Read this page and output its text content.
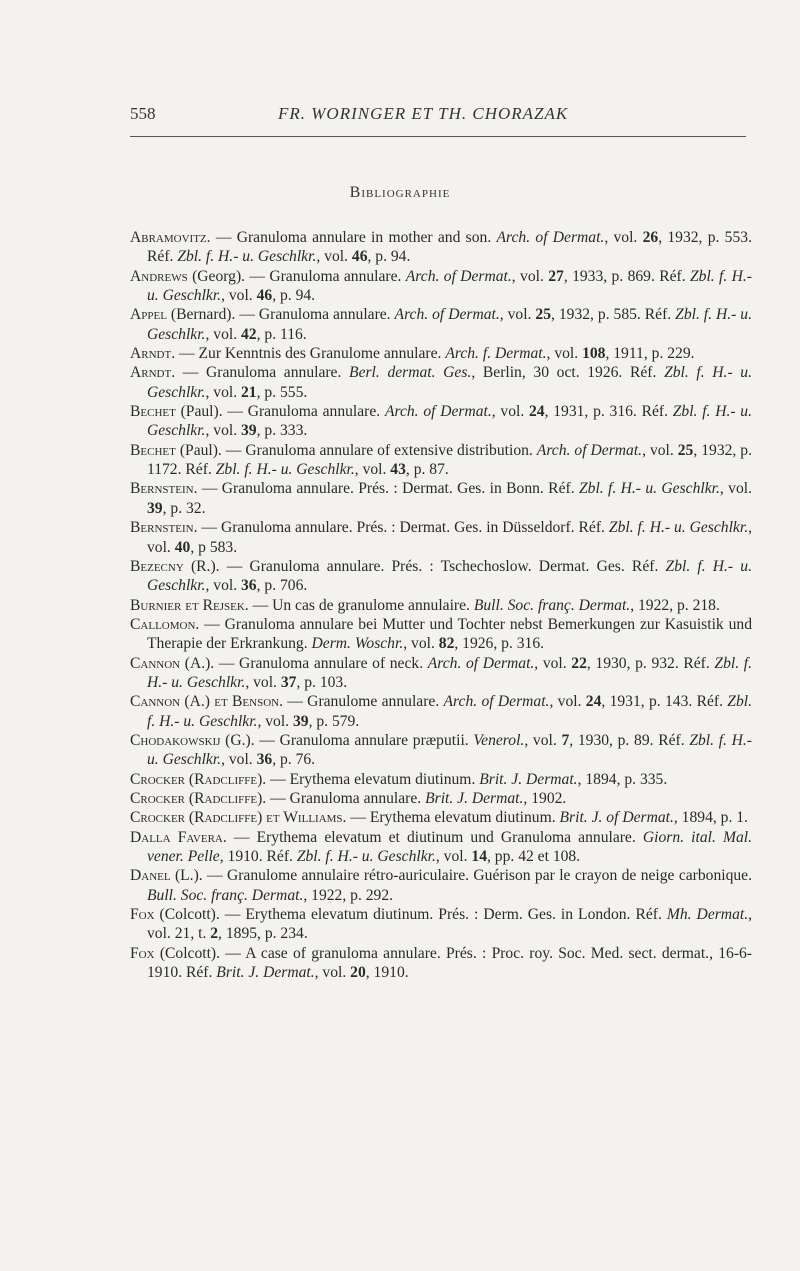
558	FR. WORINGER ET TH. CHORAZAK
Bibliographie

Abramovitz. — Granuloma annulare in mother and son. Arch. of Dermat., vol. 26, 1932, p. 553. Réf. Zbl. f. H.- u. Geschlkr., vol. 46, p. 94.

Andrews (Georg). — Granuloma annulare. Arch. of Dermat., vol. 27, 1933, p. 869. Réf. Zbl. f. H.- u. Geschlkr., vol. 46, p. 94.

Appel (Bernard). — Granuloma annulare. Arch. of Dermat., vol. 25, 1932, p. 585. Réf. Zbl. f. H.- u. Geschlkr., vol. 42, p. 116.

Arndt. — Zur Kenntnis des Granulome annulare. Arch. f. Dermat., vol. 108, 1911, p. 229.

Arndt. — Granuloma annulare. Berl. dermat. Ges., Berlin, 30 oct. 1926. Réf. Zbl. f. H.- u. Geschlkr., vol. 21, p. 555.

Bechet (Paul). — Granuloma annulare. Arch. of Dermat., vol. 24, 1931, p. 316. Réf. Zbl. f. H.- u. Geschlkr., vol. 39, p. 333.

Bechet (Paul). — Granuloma annulare of extensive distribution. Arch. of Dermat., vol. 25, 1932, p. 1172. Réf. Zbl. f. H.- u. Geschlkr., vol. 43, p. 87.

Bernstein. — Granuloma annulare. Prés. : Dermat. Ges. in Bonn. Réf. Zbl. f. H.- u. Geschlkr., vol. 39, p. 32.

Bernstein. — Granuloma annulare. Prés. : Dermat. Ges. in Düsseldorf. Réf. Zbl. f. H.- u. Geschlkr., vol. 40, p 583.

Bezecny (R.). — Granuloma annulare. Prés. : Tschechoslow. Dermat. Ges. Réf. Zbl. f. H.- u. Geschlkr., vol. 36, p. 706.

Burnier et Rejsek. — Un cas de granulome annulaire. Bull. Soc. franç. Dermat., 1922, p. 218.

Callomon. — Granuloma annulare bei Mutter und Tochter nebst Bemerkungen zur Kasuistik und Therapie der Erkrankung. Derm. Woschr., vol. 82, 1926, p. 316.

Cannon (A.). — Granuloma annulare of neck. Arch. of Dermat., vol. 22, 1930, p. 932. Réf. Zbl. f. H.- u. Geschlkr., vol. 37, p. 103.

Cannon (A.) et Benson. — Granulome annulare. Arch. of Dermat., vol. 24, 1931, p. 143. Réf. Zbl. f. H.- u. Geschlkr., vol. 39, p. 579.

Chodakowskij (G.). — Granuloma annulare præputii. Venerol., vol. 7, 1930, p. 89. Réf. Zbl. f. H.- u. Geschlkr., vol. 36, p. 76.

Crocker (Radcliffe). — Erythema elevatum diutinum. Brit. J. Dermat., 1894, p. 335.

Crocker (Radcliffe). — Granuloma annulare. Brit. J. Dermat., 1902.

Crocker (Radcliffe) et Williams. — Erythema elevatum diutinum. Brit. J. of Dermat., 1894, p. 1.

Dalla Favera. — Erythema elevatum et diutinum und Granuloma annulare. Giorn. ital. Mal. vener. Pelle, 1910. Réf. Zbl. f. H.- u. Geschlkr., vol. 14, pp. 42 et 108.

Danel (L.). — Granulome annulaire rétro-auriculaire. Guérison par le crayon de neige carbonique. Bull. Soc. franç. Dermat., 1922, p. 292.

Fox (Colcott). — Erythema elevatum diutinum. Prés. : Derm. Ges. in London. Réf. Mh. Dermat., vol. 21, t. 2, 1895, p. 234.

Fox (Colcott). — A case of granuloma annulare. Prés. : Proc. roy. Soc. Med. sect. dermat., 16-6-1910. Réf. Brit. J. Dermat., vol. 20, 1910.
